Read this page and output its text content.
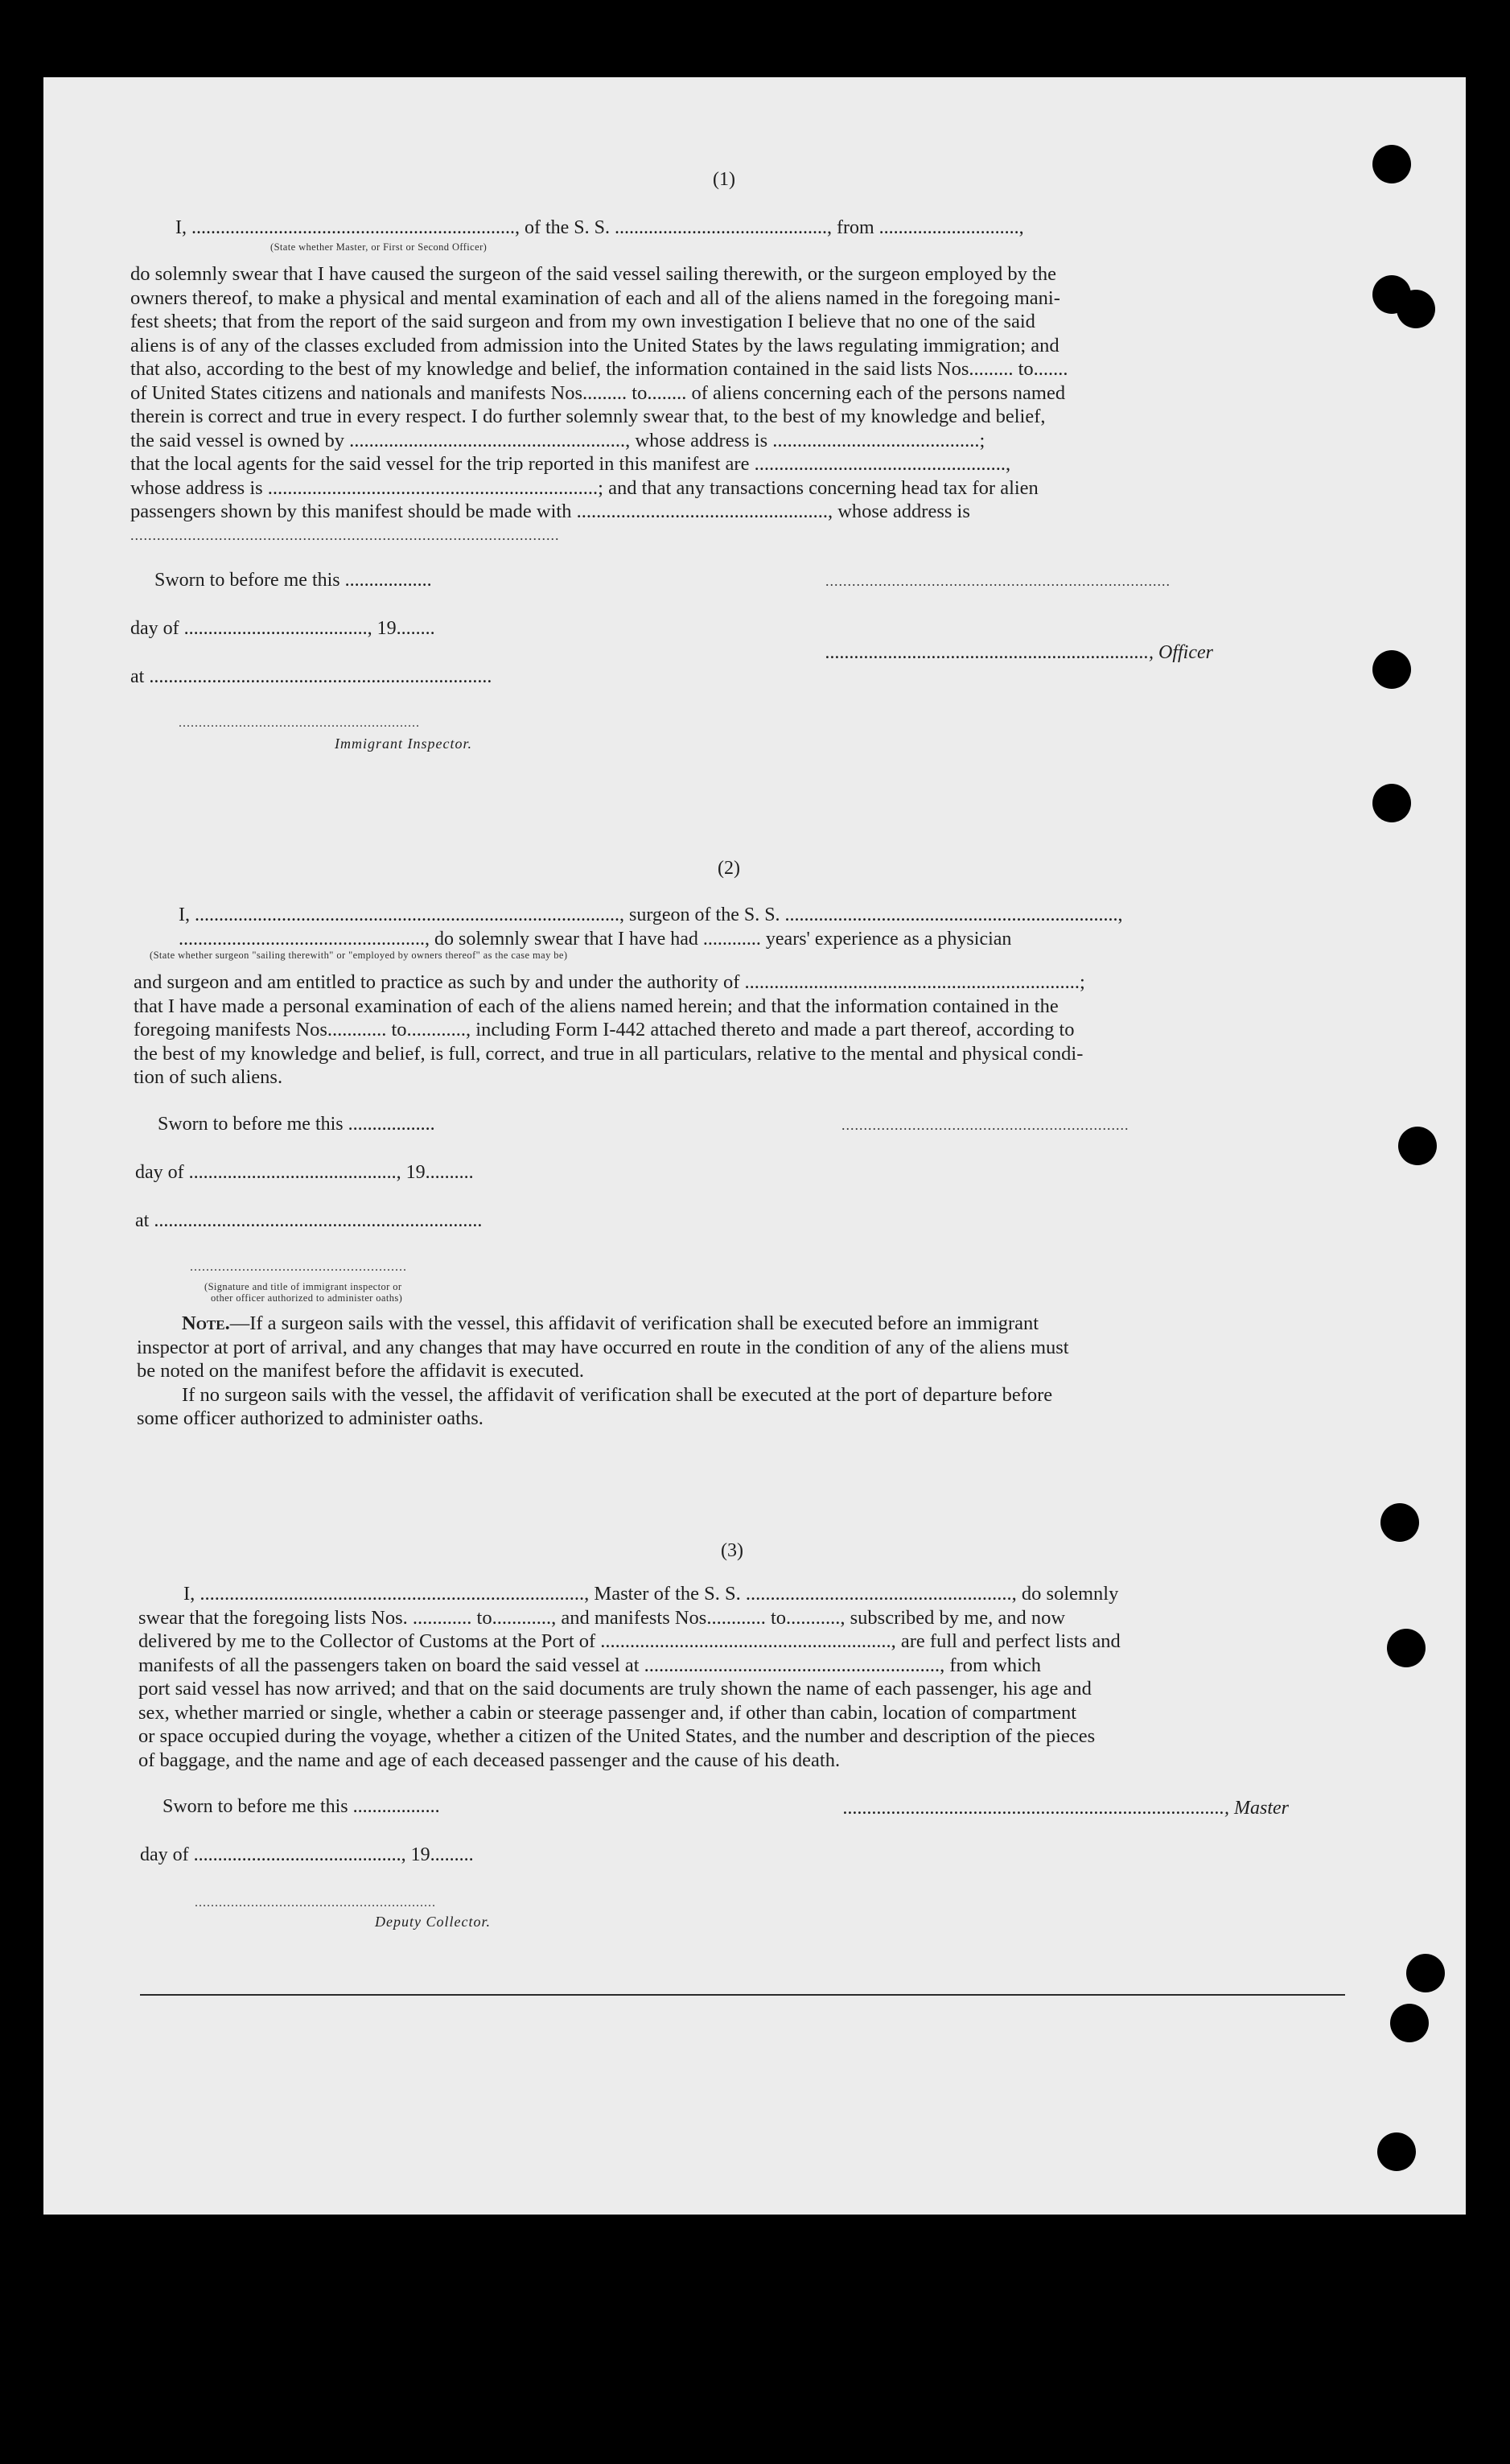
(1)
I, ..................................................................., of the S. S. ............................................, from .............................,
(State whether Master, or First or Second Officer)
do solemnly swear that I have caused the surgeon of the said vessel sailing therewith, or the surgeon employed by the
owners thereof, to make a physical and mental examination of each and all of the aliens named in the foregoing mani-
fest sheets; that from the report of the said surgeon and from my own investigation I believe that no one of the said
aliens is of any of the classes excluded from admission into the United States by the laws regulating immigration; and
that also, according to the best of my knowledge and belief, the information contained in the said lists Nos......... to.......
of United States citizens and nationals and manifests Nos......... to........ of aliens concerning each of the persons named
therein is correct and true in every respect. I do further solemnly swear that, to the best of my knowledge and belief,
the said vessel is owned by ........................................................, whose address is ..........................................;
that the local agents for the said vessel for the trip reported in this manifest are ...................................................,
whose address is ...................................................................; and that any transactions concerning head tax for alien
passengers shown by this manifest should be made with ..................................................., whose address is
.................................................................................................
Sworn to before me this ..................	..............................................................................
day of ......................................, 19........
..................................................................., Officer
at .......................................................................
............................................................
Immigrant Inspector.
(2)
I, ........................................................................................, surgeon of the S. S. .....................................................................,
..................................................., do solemnly swear that I have had ............ years' experience as a physician
(State whether surgeon "sailing therewith" or "employed by owners thereof" as the case may be)
and surgeon and am entitled to practice as such by and under the authority of ....................................................................;
that I have made a personal examination of each of the aliens named herein; and that the information contained in the
foregoing manifests Nos............ to............, including Form I-442 attached thereto and made a part thereof, according to
the best of my knowledge and belief, is full, correct, and true in all particulars, relative to the mental and physical condi-
tion of such aliens.
Sworn to before me this ..................	.................................................................
day of ..........................................., 19..........
at ....................................................................
......................................................
(Signature and title of immigrant inspector or
other officer authorized to administer oaths)
Note.—If a surgeon sails with the vessel, this affidavit of verification shall be executed before an immigrant
inspector at port of arrival, and any changes that may have occurred en route in the condition of any of the aliens must
be noted on the manifest before the affidavit is executed.
If no surgeon sails with the vessel, the affidavit of verification shall be executed at the port of departure before
some officer authorized to administer oaths.
(3)
I, .............................................................................., Master of the S. S. ......................................................, do solemnly
swear that the foregoing lists Nos. ............ to............, and manifests Nos............ to..........., subscribed by me, and now
delivered by me to the Collector of Customs at the Port of ..........................................................., are full and perfect lists and
manifests of all the passengers taken on board the said vessel at ............................................................, from which
port said vessel has now arrived; and that on the said documents are truly shown the name of each passenger, his age and
sex, whether married or single, whether a cabin or steerage passenger and, if other than cabin, location of compartment
or space occupied during the voyage, whether a citizen of the United States, and the number and description of the pieces
of baggage, and the name and age of each deceased passenger and the cause of his death.
Sworn to before me this ..................	..............................................................................., Master
day of ..........................................., 19.........
............................................................
Deputy Collector.
